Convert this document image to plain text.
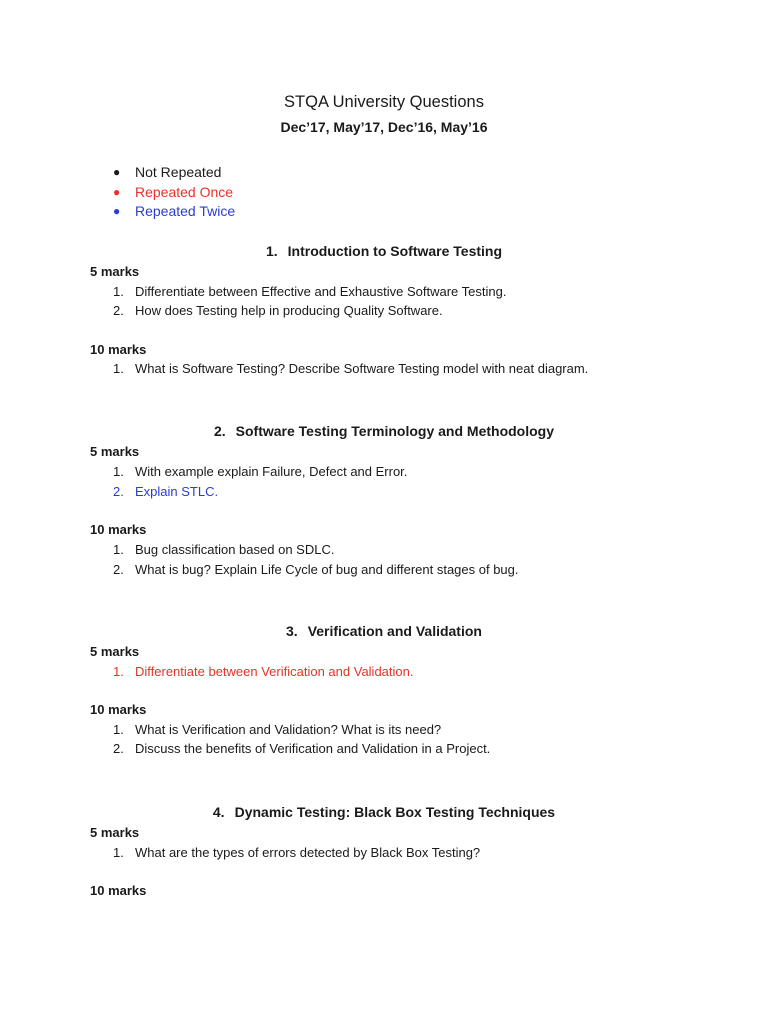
STQA University Questions
Dec’17, May’17, Dec’16, May’16
● Not Repeated
● Repeated Once
● Repeated Twice
1. Introduction to Software Testing
5 marks
1. Differentiate between Effective and Exhaustive Software Testing.
2. How does Testing help in producing Quality Software.
10 marks
1. What is Software Testing? Describe Software Testing model with neat diagram.
2. Software Testing Terminology and Methodology
5 marks
1. With example explain Failure, Defect and Error.
2. Explain STLC.
10 marks
1. Bug classification based on SDLC.
2. What is bug? Explain Life Cycle of bug and different stages of bug.
3. Verification and Validation
5 marks
1. Differentiate between Verification and Validation.
10 marks
1. What is Verification and Validation? What is its need?
2. Discuss the benefits of Verification and Validation in a Project.
4. Dynamic Testing: Black Box Testing Techniques
5 marks
1. What are the types of errors detected by Black Box Testing?
10 marks
